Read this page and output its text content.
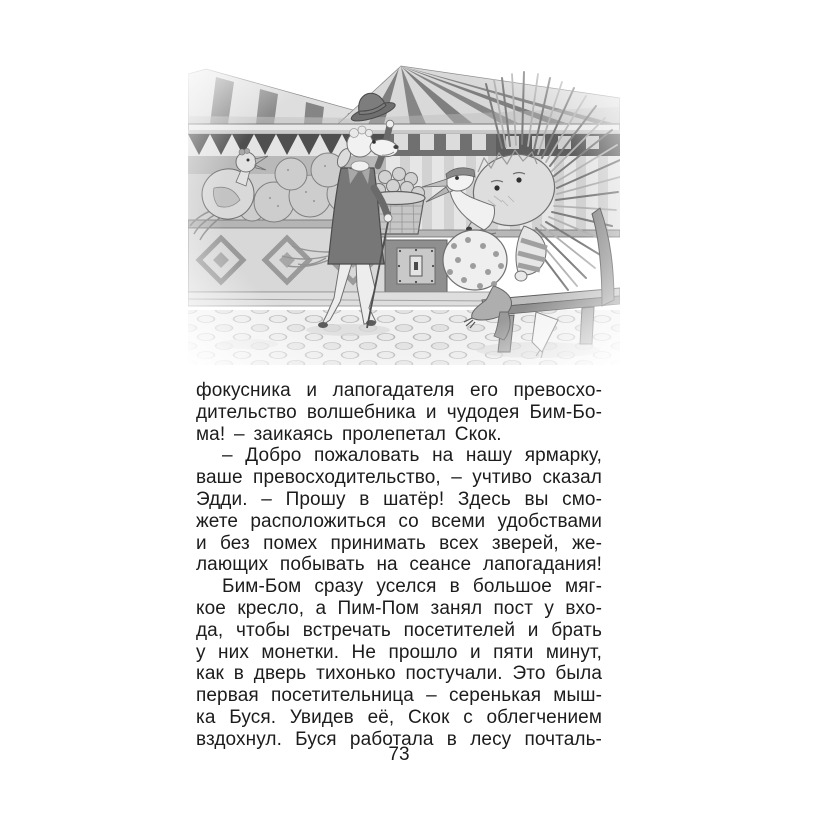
фокусника и лапогадателя его превосхо-
дительство волшебника и чудодея Бим-Бо-
ма! – заикаясь пролепетал Скок.
– Добро пожаловать на нашу ярмарку,
ваше превосходительство, – учтиво сказал
Эдди. – Прошу в шатёр! Здесь вы смо-
жете расположиться со всеми удобствами
и без помех принимать всех зверей, же-
лающих побывать на сеансе лапогадания!
Бим-Бом сразу уселся в большое мяг-
кое кресло, а Пим-Пом занял пост у вхо-
да, чтобы встречать посетителей и брать
у них монетки. Не прошло и пяти минут,
как в дверь тихонько постучали. Это была
первая посетительница – серенькая мыш-
ка Буся. Увидев её, Скок с облегчением
вздохнул. Буся работала в лесу почталь-
73
